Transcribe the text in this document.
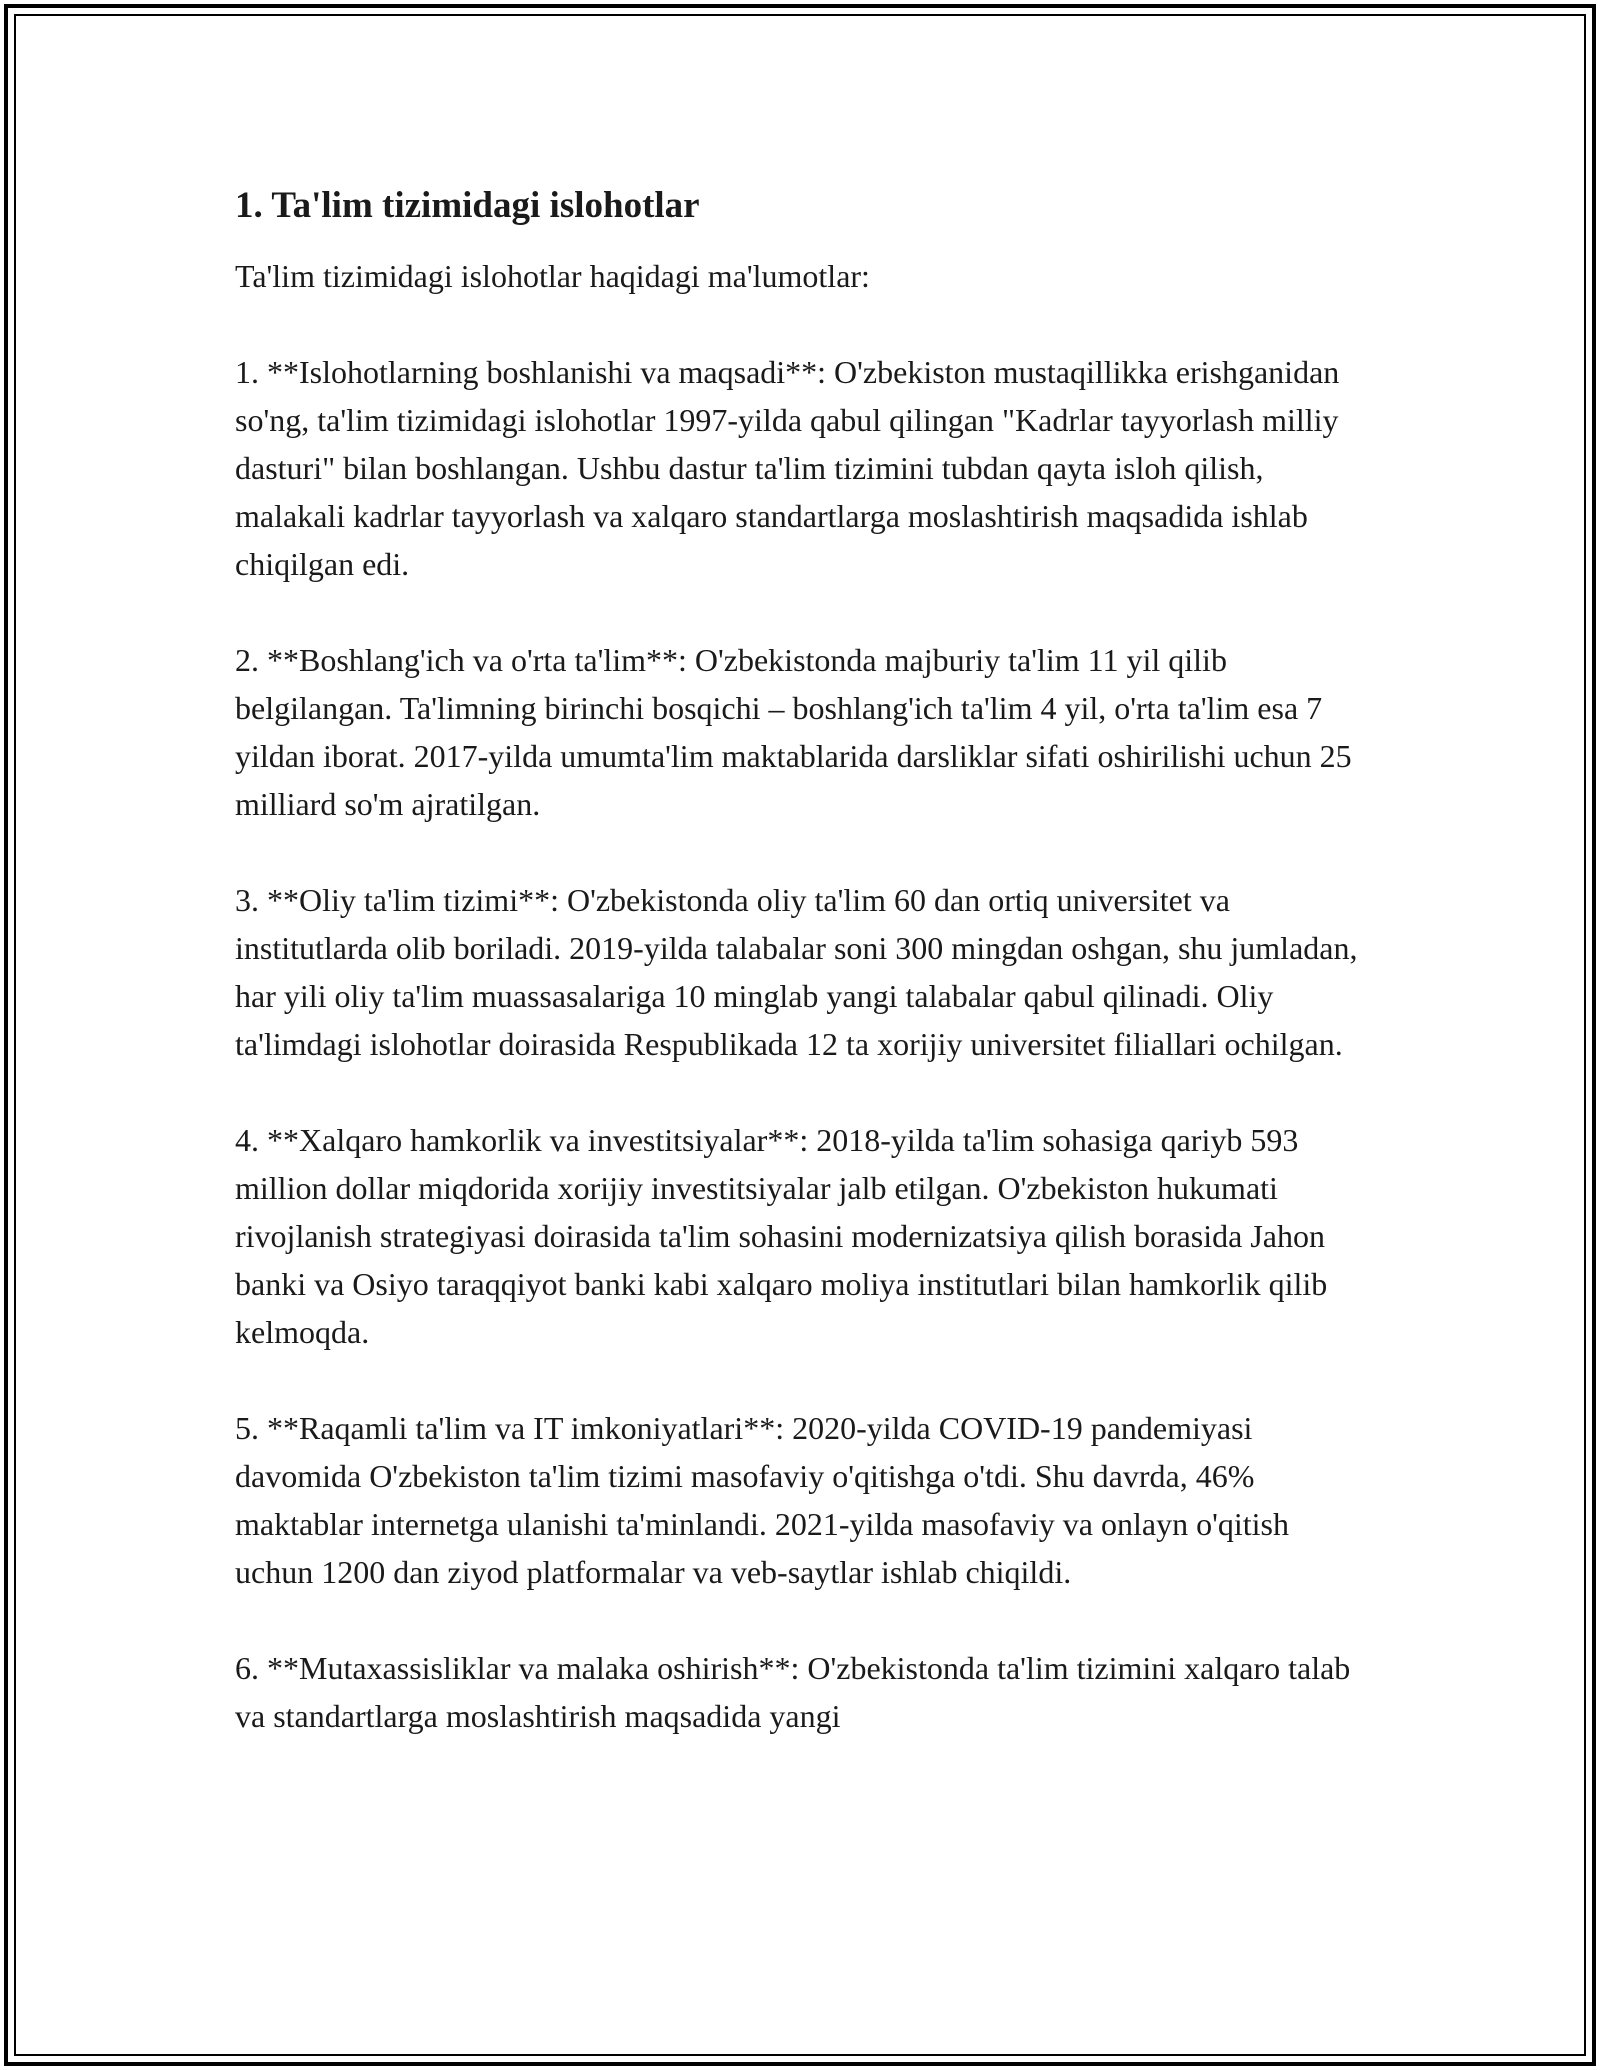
1. Ta'lim tizimidagi islohotlar

Ta'lim tizimidagi islohotlar haqidagi ma'lumotlar:

1. **Islohotlarning boshlanishi va maqsadi**: O'zbekiston mustaqillikka erishganidan so'ng, ta'lim tizimidagi islohotlar 1997-yilda qabul qilingan "Kadrlar tayyorlash milliy dasturi" bilan boshlangan. Ushbu dastur ta'lim tizimini tubdan qayta isloh qilish, malakali kadrlar tayyorlash va xalqaro standartlarga moslashtirish maqsadida ishlab chiqilgan edi.

2. **Boshlang'ich va o'rta ta'lim**: O'zbekistonda majburiy ta'lim 11 yil qilib belgilangan. Ta'limning birinchi bosqichi – boshlang'ich ta'lim 4 yil, o'rta ta'lim esa 7 yildan iborat. 2017-yilda umumta'lim maktablarida darsliklar sifati oshirilishi uchun 25 milliard so'm ajratilgan.

3. **Oliy ta'lim tizimi**: O'zbekistonda oliy ta'lim 60 dan ortiq universitet va institutlarda olib boriladi. 2019-yilda talabalar soni 300 mingdan oshgan, shu jumladan, har yili oliy ta'lim muassasalariga 10 minglab yangi talabalar qabul qilinadi. Oliy ta'limdagi islohotlar doirasida Respublikada 12 ta xorijiy universitet filiallari ochilgan.

4. **Xalqaro hamkorlik va investitsiyalar**: 2018-yilda ta'lim sohasiga qariyb 593 million dollar miqdorida xorijiy investitsiyalar jalb etilgan. O'zbekiston hukumati rivojlanish strategiyasi doirasida ta'lim sohasini modernizatsiya qilish borasida Jahon banki va Osiyo taraqqiyot banki kabi xalqaro moliya institutlari bilan hamkorlik qilib kelmoqda.

5. **Raqamli ta'lim va IT imkoniyatlari**: 2020-yilda COVID-19 pandemiyasi davomida O'zbekiston ta'lim tizimi masofaviy o'qitishga o'tdi. Shu davrda, 46% maktablar internetga ulanishi ta'minlandi. 2021-yilda masofaviy va onlayn o'qitish uchun 1200 dan ziyod platformalar va veb-saytlar ishlab chiqildi.

6. **Mutaxassisliklar va malaka oshirish**: O'zbekistonda ta'lim tizimini xalqaro talab va standartlarga moslashtirish maqsadida yangi
